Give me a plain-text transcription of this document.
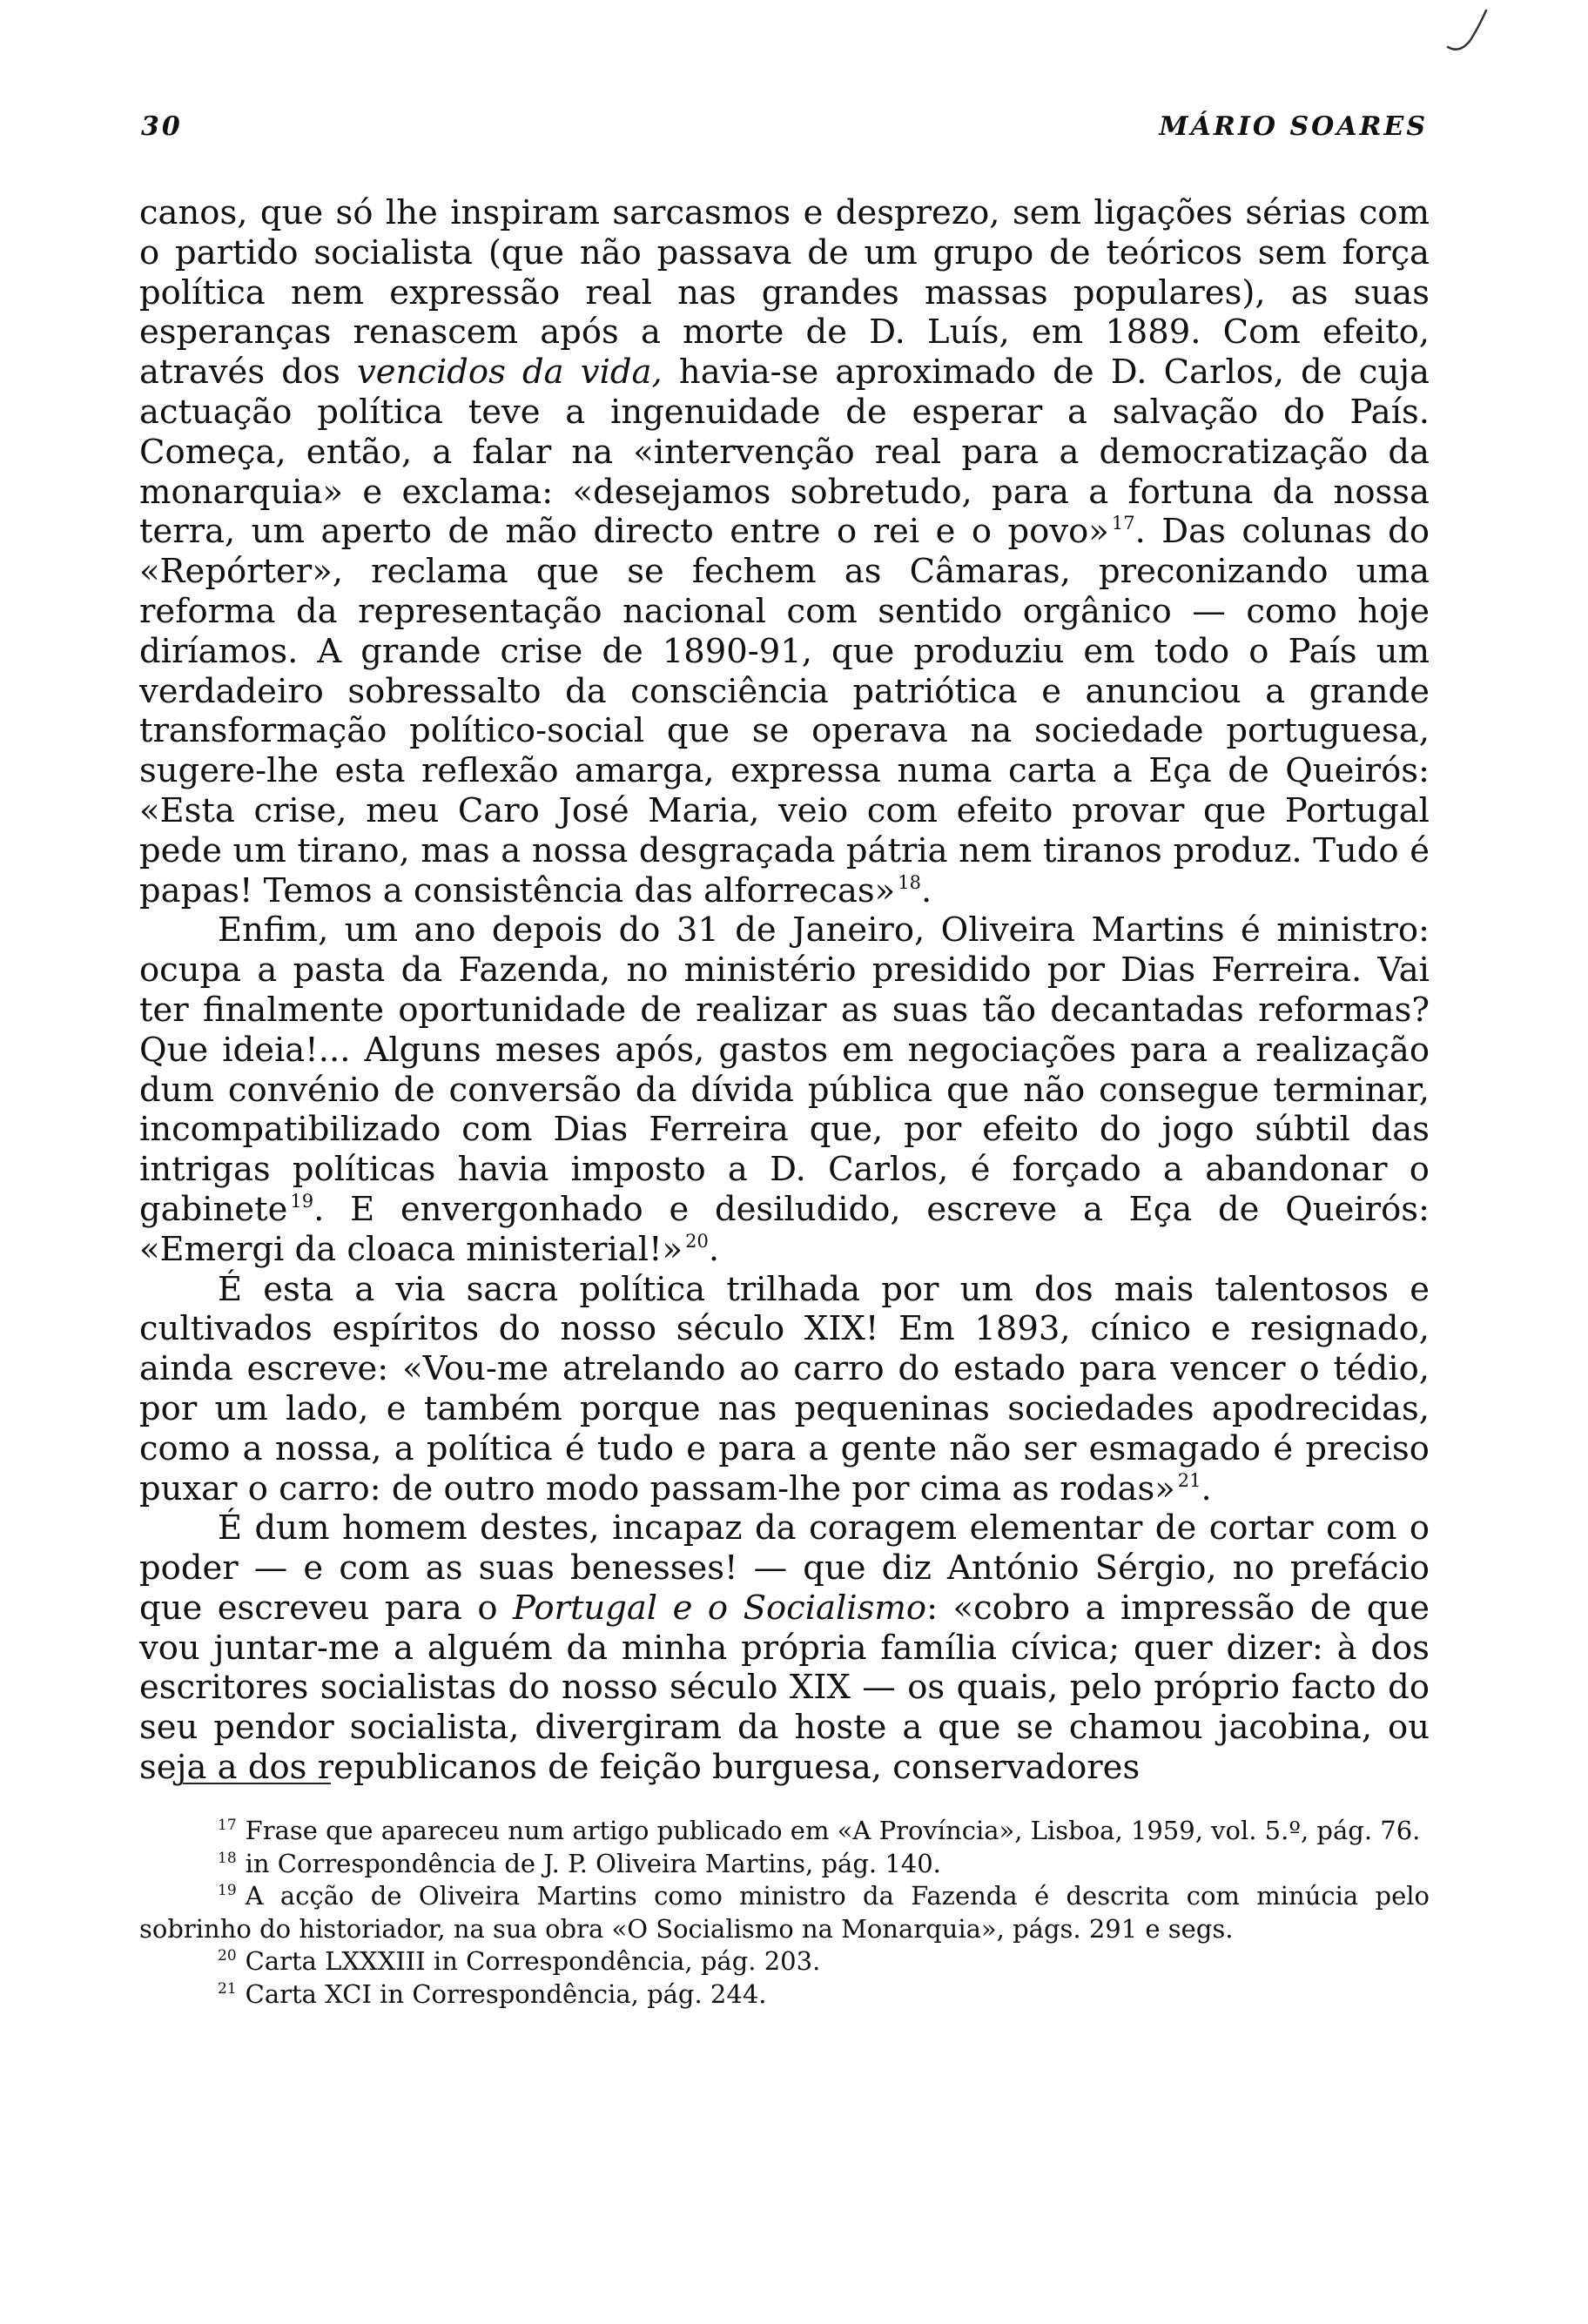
30	MÁRIO SOARES

canos, que só lhe inspiram sarcasmos e desprezo, sem ligações sérias com o partido socialista (que não passava de um grupo de teóricos sem força política nem expressão real nas grandes massas populares), as suas esperanças renascem após a morte de D. Luís, em 1889. Com efeito, através dos vencidos da vida, havia-se aproximado de D. Carlos, de cuja actuação política teve a ingenuidade de esperar a salvação do País. Começa, então, a falar na «intervenção real para a democratização da monarquia» e exclama: «desejamos sobretudo, para a fortuna da nossa terra, um aperto de mão directo entre o rei e o povo» $^{17}$. Das colunas do «Repórter», reclama que se fechem as Câmaras, preconizando uma reforma da representação nacional com sentido orgânico — como hoje diríamos. A grande crise de 1890-91, que produziu em todo o País um verdadeiro sobressalto da consciência patriótica e anunciou a grande transformação político-social que se operava na sociedade portuguesa, sugere-lhe esta reflexão amarga, expressa numa carta a Eça de Queirós: «Esta crise, meu Caro José Maria, veio com efeito provar que Portugal pede um tirano, mas a nossa desgraçada pátria nem tiranos produz. Tudo é papas! Temos a consistência das alforrecas» $^{18}$.

Enfim, um ano depois do 31 de Janeiro, Oliveira Martins é ministro: ocupa a pasta da Fazenda, no ministério presidido por Dias Ferreira. Vai ter finalmente oportunidade de realizar as suas tão decantadas reformas? Que ideia!... Alguns meses após, gastos em negociações para a realização dum convénio de conversão da dívida pública que não consegue terminar, incompatibilizado com Dias Ferreira que, por efeito do jogo súbtil das intrigas políticas havia imposto a D. Carlos, é forçado a abandonar o gabinete $^{19}$. E envergonhado e desiludido, escreve a Eça de Queirós: «Emergi da cloaca ministerial!» $^{20}$.

É esta a via sacra política trilhada por um dos mais talentosos e cultivados espíritos do nosso século XIX! Em 1893, cínico e resignado, ainda escreve: «Vou-me atrelando ao carro do estado para vencer o tédio, por um lado, e também porque nas pequeninas sociedades apodrecidas, como a nossa, a política é tudo e para a gente não ser esmagado é preciso puxar o carro: de outro modo passam-lhe por cima as rodas» $^{21}$.

É dum homem destes, incapaz da coragem elementar de cortar com o poder — e com as suas benesses! — que diz António Sérgio, no prefácio que escreveu para o Portugal e o Socialismo: «cobro a impressão de que vou juntar-me a alguém da minha própria família cívica; quer dizer: à dos escritores socialistas do nosso século XIX — os quais, pelo próprio facto do seu pendor socialista, divergiram da hoste a que se chamou jacobina, ou seja a dos republicanos de feição burguesa, conservadores

$^{17}$ Frase que apareceu num artigo publicado em «A Província», Lisboa, 1959, vol. 5.º, pág. 76.

$^{18}$ in Correspondência de J. P. Oliveira Martins, pág. 140.

$^{19}$ A acção de Oliveira Martins como ministro da Fazenda é descrita com minúcia pelo sobrinho do historiador, na sua obra «O Socialismo na Monarquia», págs. 291 e segs.

$^{20}$ Carta LXXXIII in Correspondência, pág. 203.

$^{21}$ Carta XCI in Correspondência, pág. 244.
